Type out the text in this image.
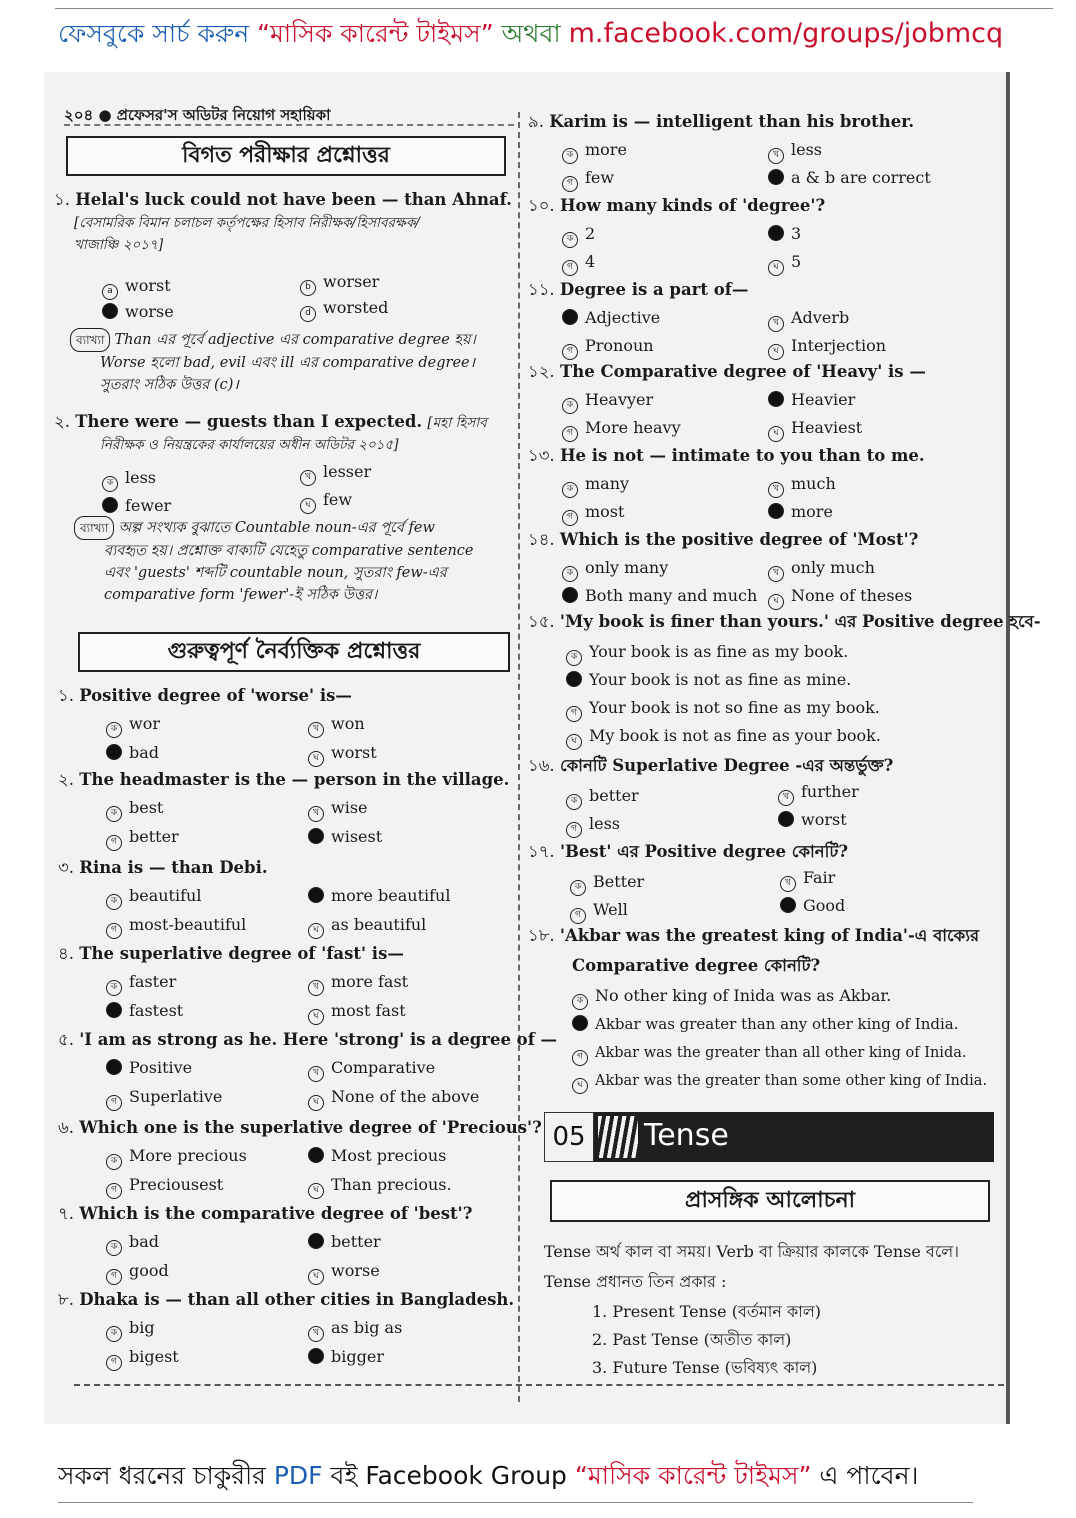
ফেসবুকে সার্চ করুন “মাসিক কারেন্ট টাইমস” অথবা m.facebook.com/groups/jobmcq
২০৪ ● প্রফেসর'স অডিটর নিয়োগ সহায়িকা
বিগত পরীক্ষার প্রশ্নোত্তর
১. Helal's luck could not have been — than Ahnaf.
[বেসামরিক বিমান চলাচল কর্তৃপক্ষের হিসাব নিরীক্ষক/হিসাবরক্ষক/
খাজাঞ্চি ২০১৭]
a worst	b worser
worse	d worsted
ব্যাখ্যা Than এর পূর্বে adjective এর comparative degree হয়।
Worse হলো bad, evil এবং ill এর comparative degree।
সুতরাং সঠিক উত্তর (c)।
২. There were — guests than I expected. [মহা হিসাব
নিরীক্ষক ও নিয়ন্ত্রকের কার্যালয়ের অধীন অডিটর ২০১৫]
ক less	খ lesser
fewer	ঘ few
ব্যাখ্যা অল্প সংখ্যক বুঝাতে Countable noun-এর পূর্বে few
ব্যবহৃত হয়। প্রশ্নোক্ত বাক্যটি যেহেতু comparative sentence
এবং 'guests' শব্দটি countable noun, সুতরাং few-এর
comparative form 'fewer'-ই সঠিক উত্তর।
গুরুত্বপূর্ণ নৈর্ব্যক্তিক প্রশ্নোত্তর
১. Positive degree of 'worse' is—
ক wor	খ won
bad	ঘ worst
২. The headmaster is the — person in the village.
ক best	খ wise
গ better	wisest
৩. Rina is — than Debi.
ক beautiful	more beautiful
গ most-beautiful	ঘ as beautiful
৪. The superlative degree of 'fast' is—
ক faster	খ more fast
fastest	ঘ most fast
৫. 'I am as strong as he. Here 'strong' is a degree of —
Positive	খ Comparative
গ Superlative	ঘ None of the above
৬. Which one is the superlative degree of 'Precious'?
ক More precious	Most precious
গ Preciousest	ঘ Than precious.
৭. Which is the comparative degree of 'best'?
ক bad	better
গ good	ঘ worse
৮. Dhaka is — than all other cities in Bangladesh.
ক big	খ as big as
গ bigest	bigger
৯. Karim is — intelligent than his brother.
ক more	খ less
গ few	a & b are correct
১০. How many kinds of 'degree'?
ক 2	3
গ 4	ঘ 5
১১. Degree is a part of—
Adjective	খ Adverb
গ Pronoun	ঘ Interjection
১২. The Comparative degree of 'Heavy' is —
ক Heavyer	Heavier
গ More heavy	ঘ Heaviest
১৩. He is not — intimate to you than to me.
ক many	খ much
গ most	more
১৪. Which is the positive degree of 'Most'?
ক only many	খ only much
Both many and much	ঘ None of theses
১৫. 'My book is finer than yours.' এর Positive degree হবে-
ক Your book is as fine as my book.
Your book is not as fine as mine.
গ Your book is not so fine as my book.
ঘ My book is not as fine as your book.
১৬. কোনটি Superlative Degree -এর অন্তর্ভুক্ত?
ক better	খ further
গ less	worst
১৭. 'Best' এর Positive degree কোনটি?
ক Better	খ Fair
গ Well	Good
১৮. 'Akbar was the greatest king of India'-এ বাক্যের
Comparative degree কোনটি?
ক No other king of Inida was as Akbar.
Akbar was greater than any other king of India.
গ Akbar was the greater than all other king of Inida.
ঘ Akbar was the greater than some other king of India.
05 Tense
প্রাসঙ্গিক আলোচনা
Tense অর্থ কাল বা সময়। Verb বা ক্রিয়ার কালকে Tense বলে।
Tense প্রধানত তিন প্রকার :
1. Present Tense (বর্তমান কাল)
2. Past Tense (অতীত কাল)
3. Future Tense (ভবিষ্যৎ কাল)
সকল ধরনের চাকুরীর PDF বই Facebook Group “মাসিক কারেন্ট টাইমস” এ পাবেন।
